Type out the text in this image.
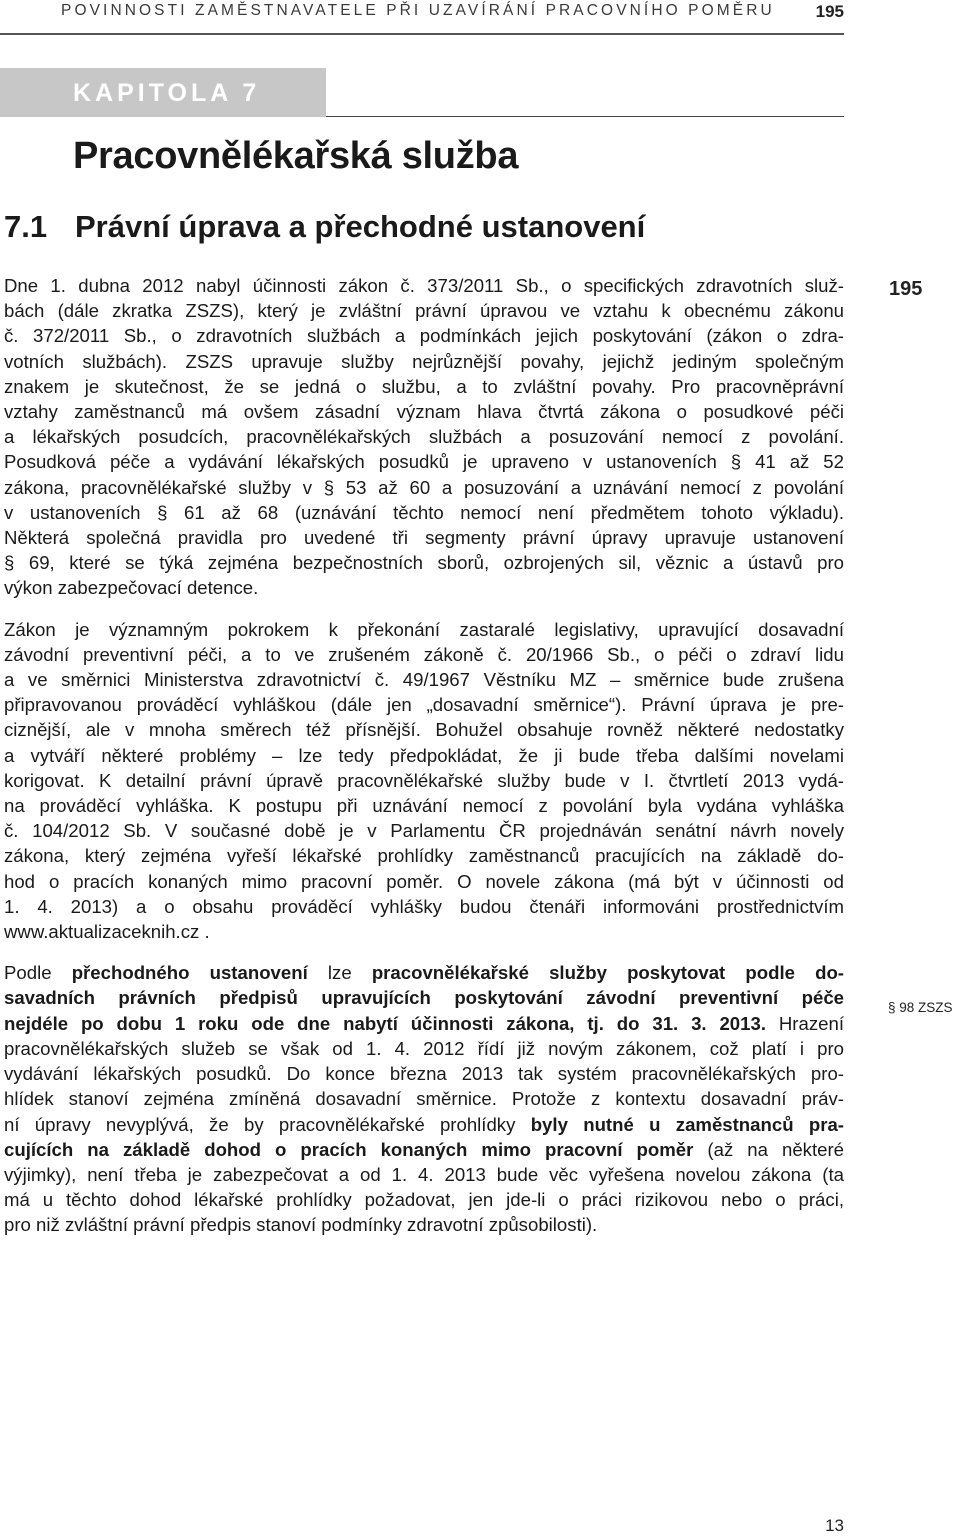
POVINNOSTI ZAMĚSTNAVATELE PŘI UZAVÍRÁNÍ PRACOVNÍHO POMĚRU 195
KAPITOLA 7
Pracovnělékařská služba
7.1 Právní úprava a přechodné ustanovení

Dne 1. dubna 2012 nabyl účinnosti zákon č. 373/2011 Sb., o specifických zdravotních služ-
bách (dále zkratka ZSZS), který je zvláštní právní úpravou ve vztahu k obecnému zákonu
č. 372/2011 Sb., o zdravotních službách a podmínkách jejich poskytování (zákon o zdra-
votních službách). ZSZS upravuje služby nejrůznější povahy, jejichž jediným společným
znakem je skutečnost, že se jedná o službu, a to zvláštní povahy. Pro pracovněprávní
vztahy zaměstnanců má ovšem zásadní význam hlava čtvrtá zákona o posudkové péči
a lékařských posudcích, pracovnělékařských službách a posuzování nemocí z povolání.
Posudková péče a vydávání lékařských posudků je upraveno v ustanoveních § 41 až 52
zákona, pracovnělékařské služby v § 53 až 60 a posuzování a uznávání nemocí z povolání
v ustanoveních § 61 až 68 (uznávání těchto nemocí není předmětem tohoto výkladu).
Některá společná pravidla pro uvedené tři segmenty právní úpravy upravuje ustanovení
§ 69, které se týká zejména bezpečnostních sborů, ozbrojených sil, věznic a ústavů pro
výkon zabezpečovací detence.

Zákon je významným pokrokem k překonání zastaralé legislativy, upravující dosavadní
závodní preventivní péči, a to ve zrušeném zákoně č. 20/1966 Sb., o péči o zdraví lidu
a ve směrnici Ministerstva zdravotnictví č. 49/1967 Věstníku MZ – směrnice bude zrušena
připravovanou prováděcí vyhláškou (dále jen „dosavadní směrnice“). Právní úprava je pre-
ciznější, ale v mnoha směrech též přísnější. Bohužel obsahuje rovněž některé nedostatky
a vytváří některé problémy – lze tedy předpokládat, že ji bude třeba dalšími novelami
korigovat. K detailní právní úpravě pracovnělékařské služby bude v I. čtvrtletí 2013 vydá-
na prováděcí vyhláška. K postupu při uznávání nemocí z povolání byla vydána vyhláška
č. 104/2012 Sb. V současné době je v Parlamentu ČR projednáván senátní návrh novely
zákona, který zejména vyřeší lékařské prohlídky zaměstnanců pracujících na základě do-
hod o pracích konaných mimo pracovní poměr. O novele zákona (má být v účinnosti od
1. 4. 2013) a o obsahu prováděcí vyhlášky budou čtenáři informováni prostřednictvím
www.aktualizaceknih.cz .

Podle přechodného ustanovení lze pracovnělékařské služby poskytovat podle do-
savadních právních předpisů upravujících poskytování závodní preventivní péče
nejdéle po dobu 1 roku ode dne nabytí účinnosti zákona, tj. do 31. 3. 2013. Hrazení
pracovnělékařských služeb se však od 1. 4. 2012 řídí již novým zákonem, což platí i pro
vydávání lékařských posudků. Do konce března 2013 tak systém pracovnělékařských pro-
hlídek stanoví zejména zmíněná dosavadní směrnice. Protože z kontextu dosavadní práv-
ní úpravy nevyplývá, že by pracovnělékařské prohlídky byly nutné u zaměstnanců pra-
cujících na základě dohod o pracích konaných mimo pracovní poměr (až na některé
výjimky), není třeba je zabezpečovat a od 1. 4. 2013 bude věc vyřešena novelou zákona (ta
má u těchto dohod lékařské prohlídky požadovat, jen jde-li o práci rizikovou nebo o práci,
pro niž zvláštní právní předpis stanoví podmínky zdravotní způsobilosti).

195
§ 98 ZSZS
13
